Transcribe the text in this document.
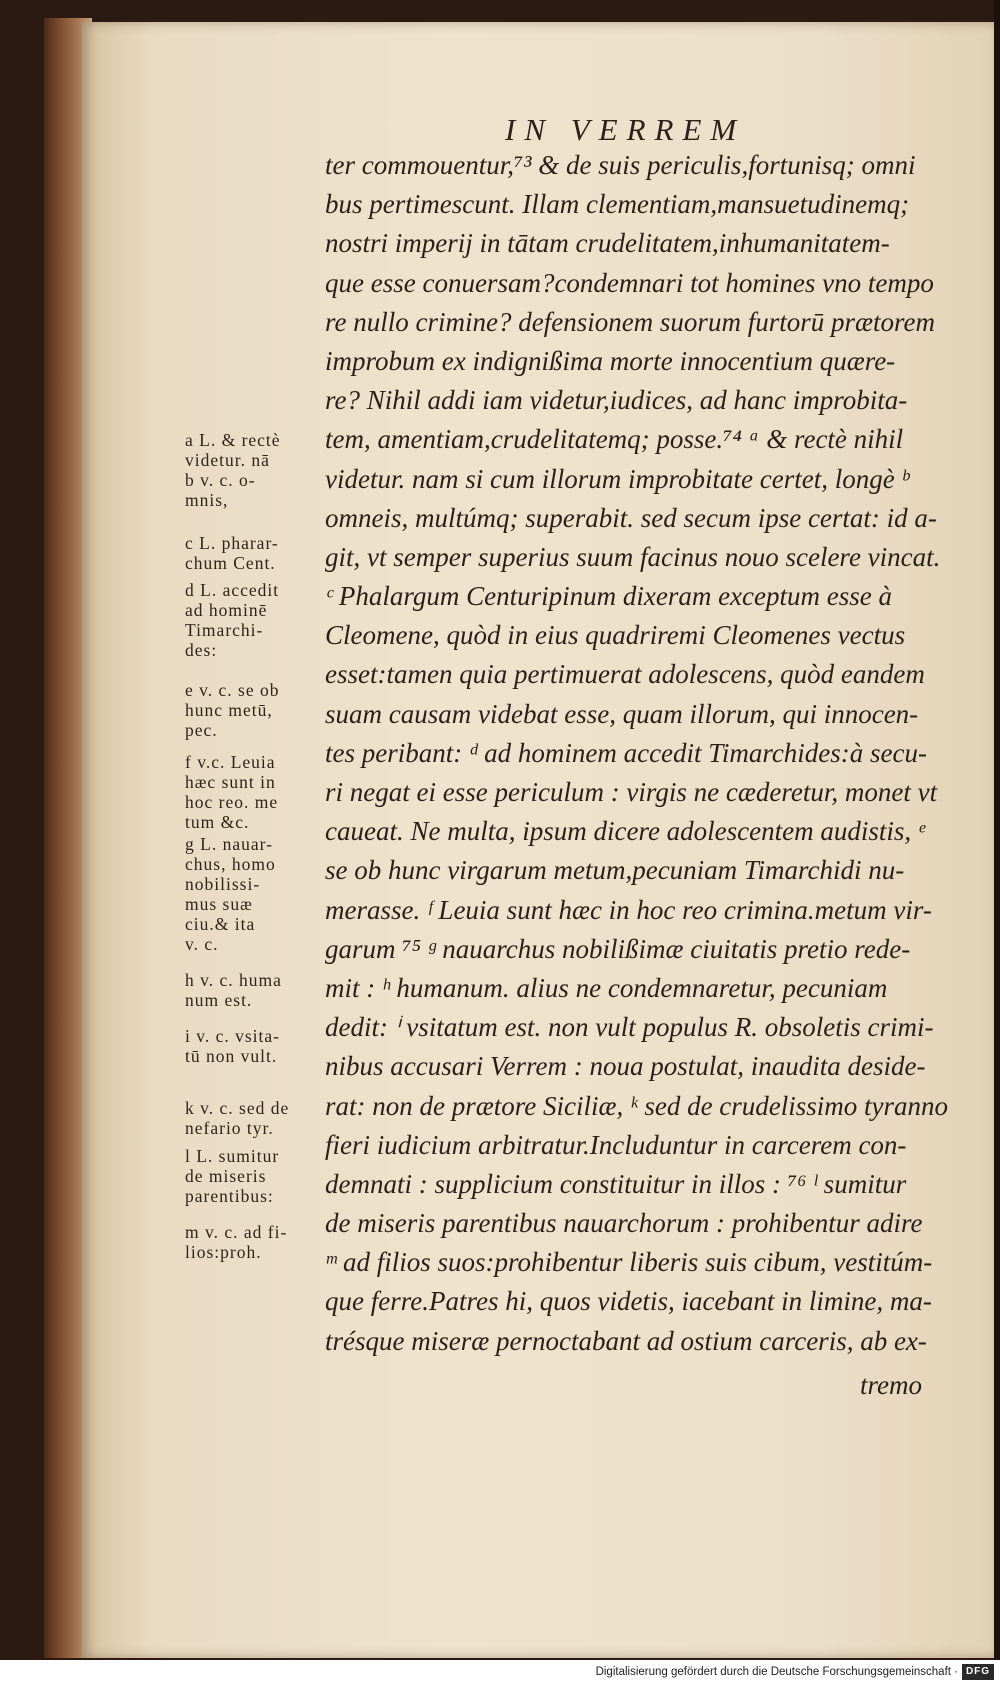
IN VERREM
ter commouentur,⁷³ & de suis periculis,fortunisq; omni
bus pertimescunt. Illam clementiam,mansuetudinemq;
nostri imperij in tātam crudelitatem,inhumanitatem-
que esse conuersam?condemnari tot homines vno tempo
re nullo crimine? defensionem suorum furtorū prætorem
improbum ex indignißima morte innocentium quære-
re? Nihil addi iam videtur,iudices, ad hanc improbita-
tem, amentiam,crudelitatemq; posse.⁷⁴ ᵃ & rectè nihil
videtur. nam si cum illorum improbitate certet, longè ᵇ
omneis, multúmq; superabit. sed secum ipse certat: id a-
git, vt semper superius suum facinus nouo scelere vincat.
ᶜ Phalargum Centuripinum dixeram exceptum esse à
Cleomene, quòd in eius quadriremi Cleomenes vectus
esset:tamen quia pertimuerat adolescens, quòd eandem
suam causam videbat esse, quam illorum, qui innocen-
tes peribant: ᵈ ad hominem accedit Timarchides:à secu-
ri negat ei esse periculum : virgis ne cæderetur, monet vt
caueat. Ne multa, ipsum dicere adolescentem audistis, ᵉ
se ob hunc virgarum metum,pecuniam Timarchidi nu-
merasse. ᶠ Leuia sunt hæc in hoc reo crimina.metum vir-
garum ⁷⁵ ᵍ nauarchus nobilißimæ ciuitatis pretio rede-
mit : ʰ humanum. alius ne condemnaretur, pecuniam
dedit: ⁱ vsitatum est. non vult populus R. obsoletis crimi-
nibus accusari Verrem : noua postulat, inaudita deside-
rat: non de prætore Siciliæ, ᵏ sed de crudelissimo tyranno
fieri iudicium arbitratur.Includuntur in carcerem con-
demnati : supplicium constituitur in illos : ⁷⁶ ˡ sumitur
de miseris parentibus nauarchorum : prohibentur adire
ᵐ ad filios suos:prohibentur liberis suis cibum, vestitúm-
que ferre.Patres hi, quos videtis, iacebant in limine, ma-
trésque miseræ pernoctabant ad ostium carceris, ab ex-
a L. & rectè
videtur. nā
b v. c. o-
mnis,
c L. pharar-
chum Cent.
d L. accedit
ad hominē
Timarchi-
des:
e v. c. se ob
hunc metū,
pec.
f v.c. Leuia
hæc sunt in
hoc reo. me
tum &c.
g L. nauar-
chus, homo
nobilissi-
mus suæ
ciu.& ita
v. c.
h v. c. huma
num est.
i v. c. vsita-
tū non vult.
k v. c. sed de
nefario tyr.
l L. sumitur
de miseris
parentibus:
m v. c. ad fi-
lios:proh.
tremo
Digitalisierung gefördert durch die Deutsche Forschungsgemeinschaft · DFG
